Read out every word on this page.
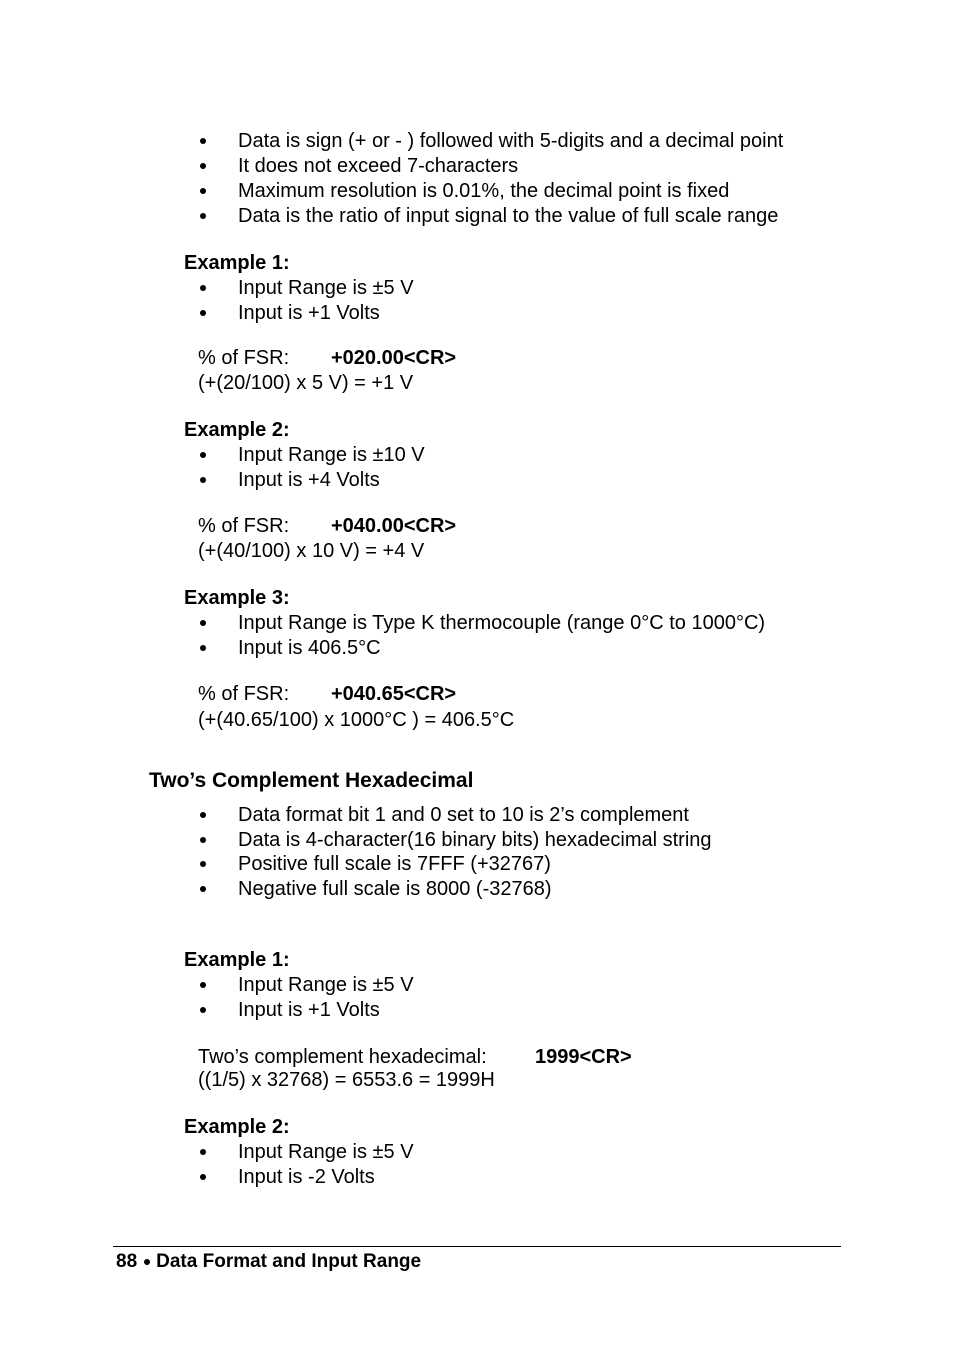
Data is sign (+ or - ) followed with 5-digits and a decimal point
It does not exceed 7-characters
Maximum resolution is 0.01%, the decimal point is fixed
Data is the ratio of input signal to the value of full scale range
Example 1:
Input Range is ±5 V
Input is +1 Volts
% of FSR: +020.00<CR>
(+(20/100) x 5 V) = +1 V
Example 2:
Input Range is ±10 V
Input is +4 Volts
% of FSR: +040.00<CR>
(+(40/100) x 10 V) = +4 V
Example 3:
Input Range is Type K thermocouple (range 0°C to 1000°C)
Input is 406.5°C
% of FSR: +040.65<CR>
(+(40.65/100) x 1000°C ) = 406.5°C
Two’s Complement Hexadecimal
Data format bit 1 and 0 set to 10 is 2’s complement
Data is 4-character(16 binary bits) hexadecimal string
Positive full scale is 7FFF (+32767)
Negative full scale is 8000 (-32768)
Example 1:
Input Range is ±5 V
Input is +1 Volts
Two’s complement hexadecimal: 1999<CR>
((1/5) x 32768) = 6553.6 = 1999H
Example 2:
Input Range is ±5 V
Input is -2 Volts
88 Data Format and Input Range
